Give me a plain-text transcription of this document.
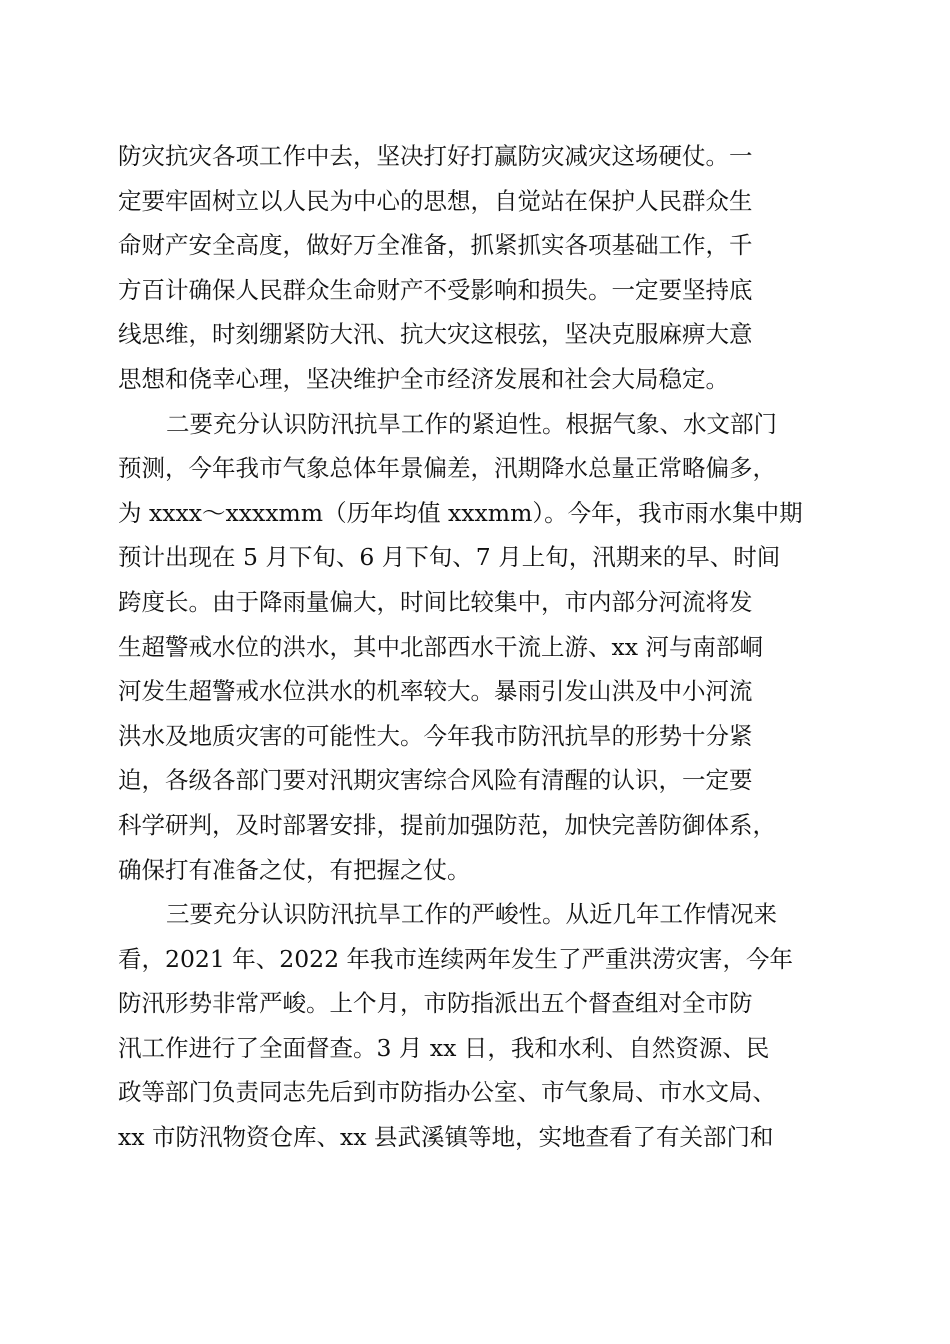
防灾抗灾各项工作中去，坚决打好打赢防灾减灾这场硬仗。一
定要牢固树立以人民为中心的思想，自觉站在保护人民群众生
命财产安全高度，做好万全准备，抓紧抓实各项基础工作，千
方百计确保人民群众生命财产不受影响和损失。一定要坚持底
线思维，时刻绷紧防大汛、抗大灾这根弦，坚决克服麻痹大意
思想和侥幸心理，坚决维护全市经济发展和社会大局稳定。
二要充分认识防汛抗旱工作的紧迫性。根据气象、水文部门
预测，今年我市气象总体年景偏差，汛期降水总量正常略偏多，
为 xxxx～xxxxmm（历年均值 xxxmm）。今年，我市雨水集中期
预计出现在 5 月下旬、6 月下旬、7 月上旬，汛期来的早、时间
跨度长。由于降雨量偏大，时间比较集中，市内部分河流将发
生超警戒水位的洪水，其中北部西水干流上游、xx 河与南部峒
河发生超警戒水位洪水的机率较大。暴雨引发山洪及中小河流
洪水及地质灾害的可能性大。今年我市防汛抗旱的形势十分紧
迫，各级各部门要对汛期灾害综合风险有清醒的认识，一定要
科学研判，及时部署安排，提前加强防范，加快完善防御体系，
确保打有准备之仗，有把握之仗。
三要充分认识防汛抗旱工作的严峻性。从近几年工作情况来
看，2021 年、2022 年我市连续两年发生了严重洪涝灾害，今年
防汛形势非常严峻。上个月，市防指派出五个督查组对全市防
汛工作进行了全面督查。3 月 xx 日，我和水利、自然资源、民
政等部门负责同志先后到市防指办公室、市气象局、市水文局、
xx 市防汛物资仓库、xx 县武溪镇等地，实地查看了有关部门和
